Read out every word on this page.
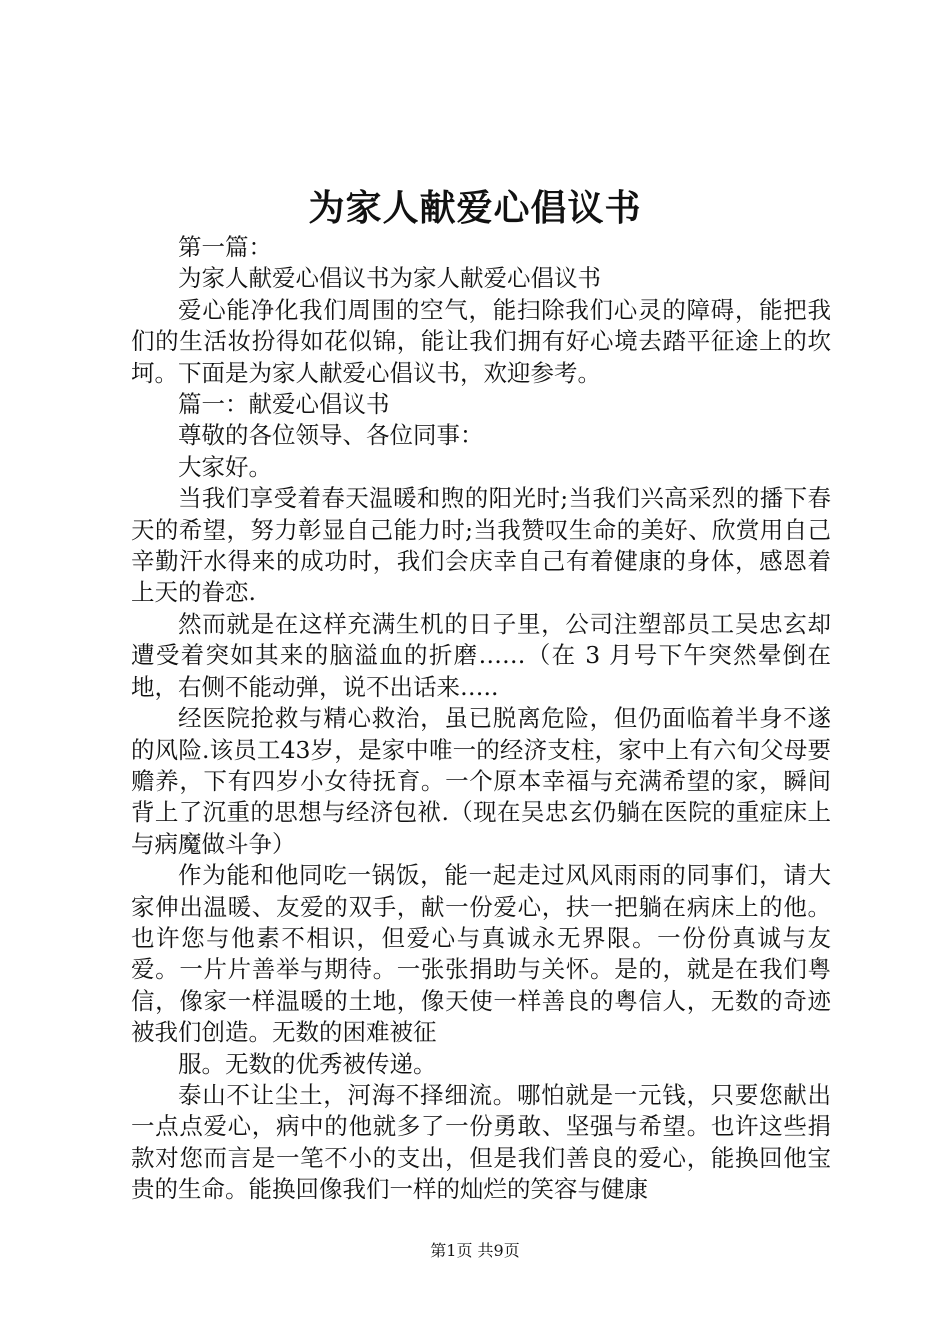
为家人献爱心倡议书

第一篇：

为家人献爱心倡议书为家人献爱心倡议书

爱心能净化我们周围的空气，能扫除我们心灵的障碍，能把我们的生活妆扮得如花似锦，能让我们拥有好心境去踏平征途上的坎坷。下面是为家人献爱心倡议书，欢迎参考。

篇一：献爱心倡议书

尊敬的各位领导、各位同事：

大家好。

当我们享受着春天温暖和煦的阳光时;当我们兴高采烈的播下春天的希望，努力彰显自己能力时;当我赞叹生命的美好、欣赏用自己辛勤汗水得来的成功时，我们会庆幸自己有着健康的身体，感恩着上天的眷恋.

然而就是在这样充满生机的日子里，公司注塑部员工吴忠玄却遭受着突如其来的脑溢血的折磨……（在 3 月号下午突然晕倒在地，右侧不能动弹，说不出话来…..

经医院抢救与精心救治，虽已脱离危险，但仍面临着半身不遂的风险.该员工43岁，是家中唯一的经济支柱，家中上有六旬父母要赡养，下有四岁小女待抚育。一个原本幸福与充满希望的家，瞬间背上了沉重的思想与经济包袱.（现在吴忠玄仍躺在医院的重症床上与病魔做斗争）

作为能和他同吃一锅饭，能一起走过风风雨雨的同事们，请大家伸出温暖、友爱的双手，献一份爱心，扶一把躺在病床上的他。也许您与他素不相识，但爱心与真诚永无界限。一份份真诚与友爱。一片片善举与期待。一张张捐助与关怀。是的，就是在我们粤信，像家一样温暖的土地，像天使一样善良的粤信人，无数的奇迹被我们创造。无数的困难被征

服。无数的优秀被传递。

泰山不让尘土，河海不择细流。哪怕就是一元钱，只要您献出一点点爱心，病中的他就多了一份勇敢、坚强与希望。也许这些捐款对您而言是一笔不小的支出，但是我们善良的爱心，能换回他宝贵的生命。能换回像我们一样的灿烂的笑容与健康

第1页 共9页
